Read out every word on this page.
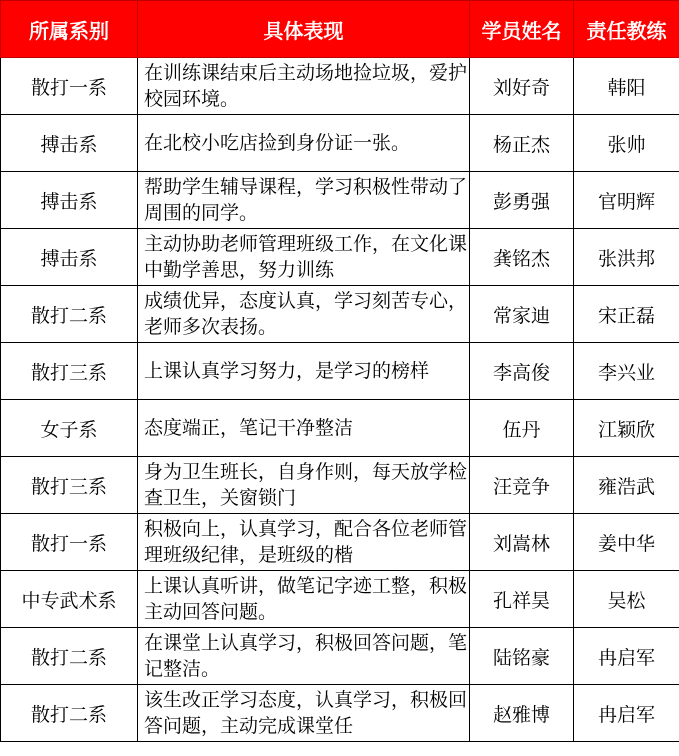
所属系别	具体表现	学员姓名	责任教练
散打一系	在训练课结束后主动场地捡垃圾，爱护校园环境。	刘好奇	韩阳
搏击系	在北校小吃店捡到身份证一张。	杨正杰	张帅
搏击系	帮助学生辅导课程，学习积极性带动了周围的同学。	彭勇强	官明辉
搏击系	主动协助老师管理班级工作，在文化课中勤学善思，努力训练	龚铭杰	张洪邦
散打二系	成绩优异，态度认真，学习刻苦专心，老师多次表扬。	常家迪	宋正磊
散打三系	上课认真学习努力，是学习的榜样	李高俊	李兴业
女子系	态度端正，笔记干净整洁	伍丹	江颖欣
散打三系	身为卫生班长，自身作则，每天放学检查卫生，关窗锁门	汪竞争	雍浩武
散打一系	积极向上，认真学习，配合各位老师管理班级纪律，是班级的楷	刘嵩林	姜中华
中专武术系	上课认真听讲，做笔记字迹工整，积极主动回答问题。	孔祥昊	吴松
散打二系	在课堂上认真学习，积极回答问题，笔记整洁。	陆铭豪	冉启军
散打二系	该生改正学习态度，认真学习，积极回答问题，主动完成课堂任	赵雅博	冉启军
